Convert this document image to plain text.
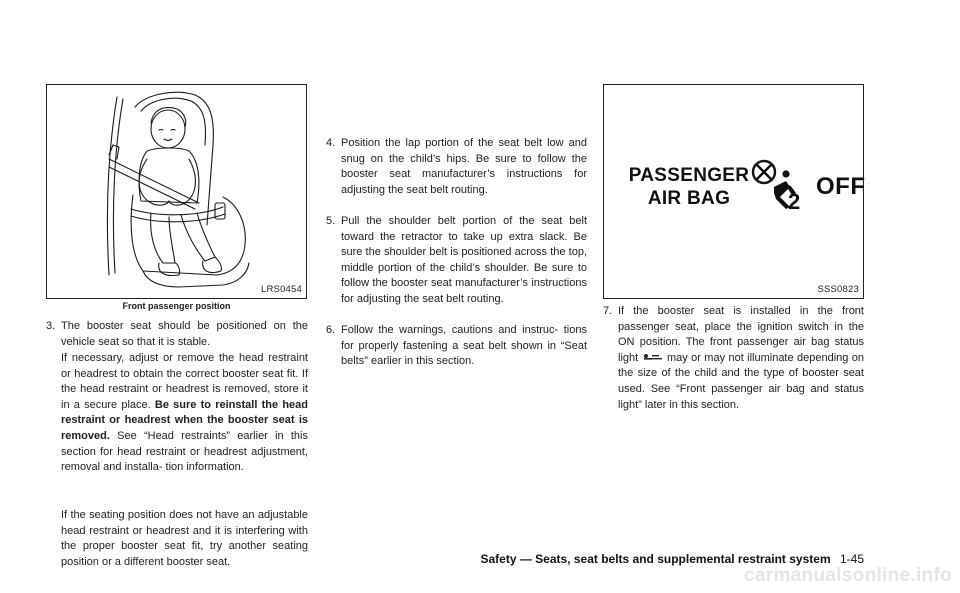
LRS0454
Front passenger position
PASSENGER
AIR BAG	2
OFF
SSS0823
3. The booster seat should be positioned on the vehicle seat so that it is stable.
If necessary, adjust or remove the head restraint or headrest to obtain the correct booster seat fit. If the head restraint or headrest is removed, store it in a secure place. Be sure to reinstall the head restraint or headrest when the booster seat is removed. See “Head restraints” earlier in this section for head restraint or headrest adjustment, removal and installa- tion information.
If the seating position does not have an adjustable head restraint or headrest and it is interfering with the proper booster seat fit, try another seating position or a different booster seat.
4. Position the lap portion of the seat belt low and snug on the child’s hips. Be sure to follow the booster seat manufacturer’s instructions for adjusting the seat belt routing.
5. Pull the shoulder belt portion of the seat belt toward the retractor to take up extra slack. Be sure the shoulder belt is positioned across the top, middle portion of the child’s shoulder. Be sure to follow the booster seat manufacturer’s instructions for adjusting the seat belt routing.
6. Follow the warnings, cautions and instruc- tions for properly fastening a seat belt shown in “Seat belts” earlier in this section.
7. If the booster seat is installed in the front passenger seat, place the ignition switch in the ON position. The front passenger air bag status light	may or may not illuminate depending on the size of the child and the type of booster seat used. See “Front passenger air bag and status light” later in this section.
Safety — Seats, seat belts and supplemental restraint system 1-45
carmanualsonline.info
